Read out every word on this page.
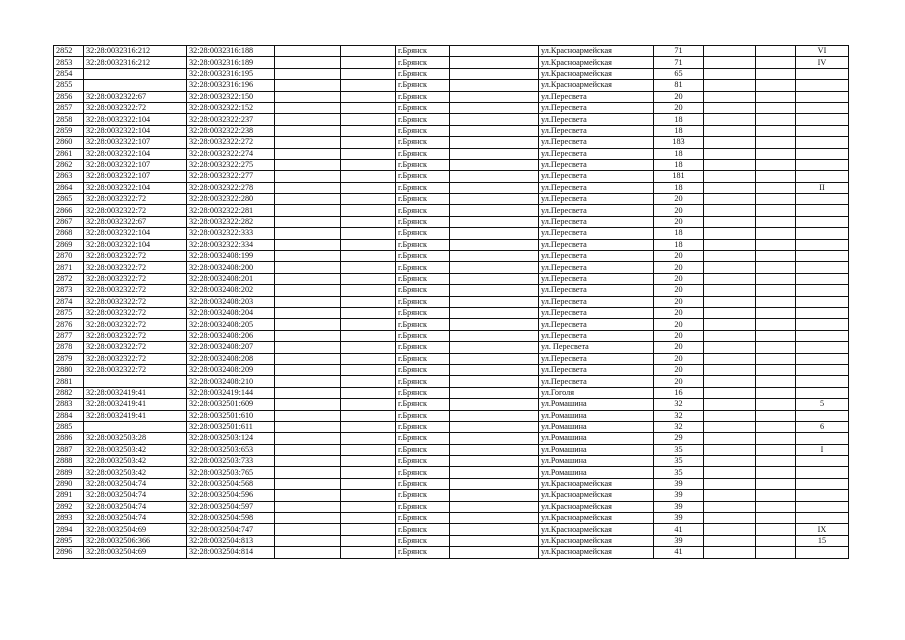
2852	32:28:0032316:212	32:28:0032316:188			г.Брянск		ул.Красноармейская	71			VI
2853	32:28:0032316:212	32:28:0032316:189			г.Брянск		ул.Красноармейская	71			IV
2854		32:28:0032316:195			г.Брянск		ул.Красноармейская	65			
2855		32:28:0032316:196			г.Брянск		ул.Красноармейская	81			
2856	32:28:0032322:67	32:28:0032322:150			г.Брянск		ул.Пересвета	20			
2857	32:28:0032322:72	32:28:0032322:152			г.Брянск		ул.Пересвета	20			
2858	32:28:0032322:104	32:28:0032322:237			г.Брянск		ул.Пересвета	18			
2859	32:28:0032322:104	32:28:0032322:238			г.Брянск		ул.Пересвета	18			
2860	32:28:0032322:107	32:28:0032322:272			г.Брянск		ул.Пересвета	183			
2861	32:28:0032322:104	32:28:0032322:274			г.Брянск		ул.Пересвета	18			
2862	32:28:0032322:107	32:28:0032322:275			г.Брянск		ул.Пересвета	18			
2863	32:28:0032322:107	32:28:0032322:277			г.Брянск		ул.Пересвета	181			
2864	32:28:0032322:104	32:28:0032322:278			г.Брянск		ул.Пересвета	18			II
2865	32:28:0032322:72	32:28:0032322:280			г.Брянск		ул.Пересвета	20			
2866	32:28:0032322:72	32:28:0032322:281			г.Брянск		ул.Пересвета	20			
2867	32:28:0032322:67	32:28:0032322:282			г.Брянск		ул.Пересвета	20			
2868	32:28:0032322:104	32:28:0032322:333			г.Брянск		ул.Пересвета	18			
2869	32:28:0032322:104	32:28:0032322:334			г.Брянск		ул.Пересвета	18			
2870	32:28:0032322:72	32:28:0032408:199			г.Брянск		ул.Пересвета	20			
2871	32:28:0032322:72	32:28:0032408:200			г.Брянск		ул.Пересвета	20			
2872	32:28:0032322:72	32:28:0032408:201			г.Брянск		ул.Пересвета	20			
2873	32:28:0032322:72	32:28:0032408:202			г.Брянск		ул.Пересвета	20			
2874	32:28:0032322:72	32:28:0032408:203			г.Брянск		ул.Пересвета	20			
2875	32:28:0032322:72	32:28:0032408:204			г.Брянск		ул.Пересвета	20			
2876	32:28:0032322:72	32:28:0032408:205			г.Брянск		ул.Пересвета	20			
2877	32:28:0032322:72	32:28:0032408:206			г.Брянск		ул.Пересвета	20			
2878	32:28:0032322:72	32:28:0032408:207			г.Брянск		ул. Пересвета	20			
2879	32:28:0032322:72	32:28:0032408:208			г.Брянск		ул.Пересвета	20			
2880	32:28:0032322:72	32:28:0032408:209			г.Брянск		ул.Пересвета	20			
2881		32:28:0032408:210			г.Брянск		ул.Пересвета	20			
2882	32:28:0032419:41	32:28:0032419:144			г.Брянск		ул.Гоголя	16			
2883	32:28:0032419:41	32:28:0032501:609			г.Брянск		ул.Ромашина	32			5
2884	32:28:0032419:41	32:28:0032501:610			г.Брянск		ул.Ромашина	32			
2885		32:28:0032501:611			г.Брянск		ул.Ромашина	32			6
2886	32:28:0032503:28	32:28:0032503:124			г.Брянск		ул.Ромашина	29			
2887	32:28:0032503:42	32:28:0032503:653			г.Брянск		ул.Ромашина	35			I
2888	32:28:0032503:42	32:28:0032503:733			г.Брянск		ул.Ромашина	35			
2889	32:28:0032503:42	32:28:0032503:765			г.Брянск		ул.Ромашина	35			
2890	32:28:0032504:74	32:28:0032504:568			г.Брянск		ул.Красноармейская	39			
2891	32:28:0032504:74	32:28:0032504:596			г.Брянск		ул.Красноармейская	39			
2892	32:28:0032504:74	32:28:0032504:597			г.Брянск		ул.Красноармейская	39			
2893	32:28:0032504:74	32:28:0032504:598			г.Брянск		ул.Красноармейская	39			
2894	32:28:0032504:69	32:28:0032504:747			г.Брянск		ул.Красноармейская	41			IX
2895	32:28:0032506:366	32:28:0032504:813			г.Брянск		ул.Красноармейская	39			15
2896	32:28:0032504:69	32:28:0032504:814			г.Брянск		ул.Красноармейская	41			
